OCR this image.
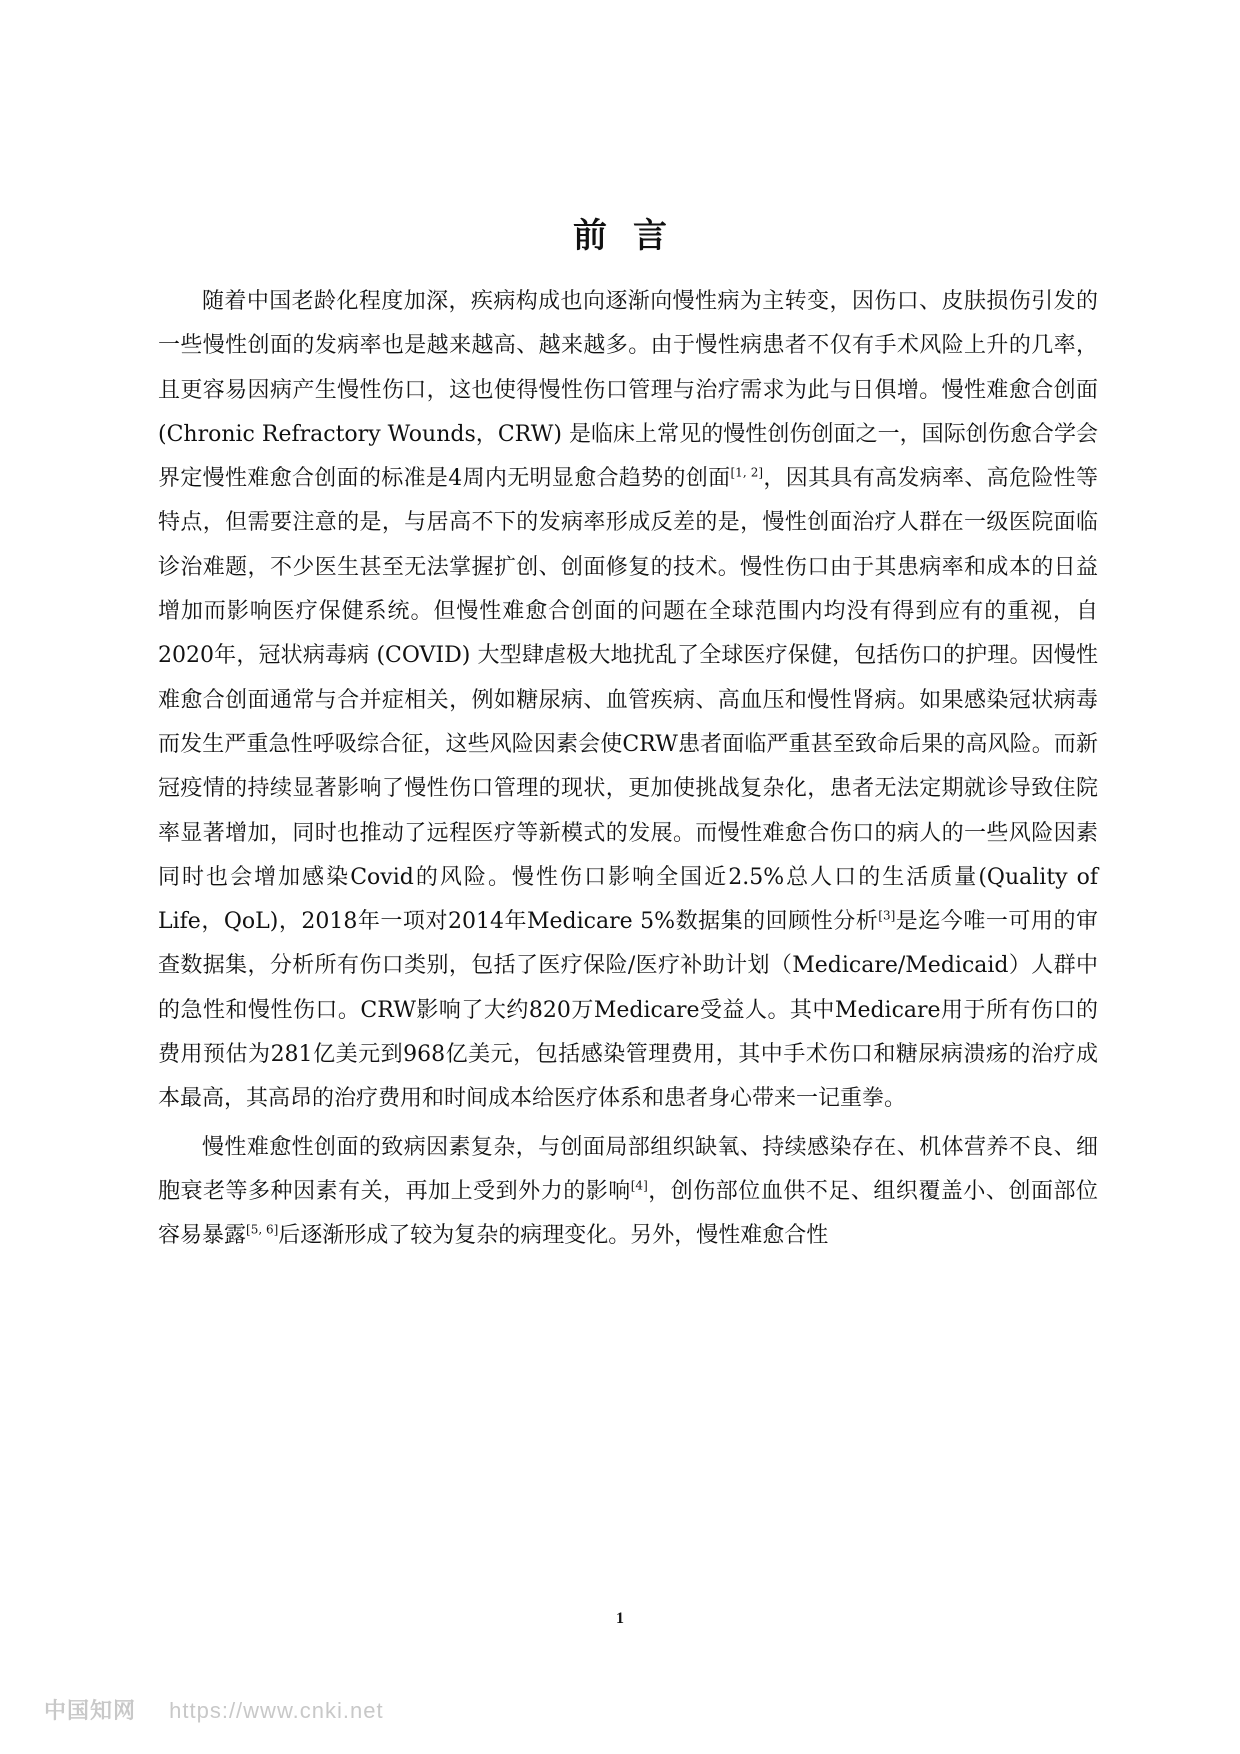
前言

随着中国老龄化程度加深，疾病构成也向逐渐向慢性病为主转变，因伤口、皮肤损伤引发的一些慢性创面的发病率也是越来越高、越来越多。由于慢性病患者不仅有手术风险上升的几率，且更容易因病产生慢性伤口，这也使得慢性伤口管理与治疗需求为此与日俱增。慢性难愈合创面(Chronic Refractory Wounds，CRW) 是临床上常见的慢性创伤创面之一，国际创伤愈合学会界定慢性难愈合创面的标准是4周内无明显愈合趋势的创面[1, 2]，因其具有高发病率、高危险性等特点，但需要注意的是，与居高不下的发病率形成反差的是，慢性创面治疗人群在一级医院面临诊治难题，不少医生甚至无法掌握扩创、创面修复的技术。慢性伤口由于其患病率和成本的日益增加而影响医疗保健系统。但慢性难愈合创面的问题在全球范围内均没有得到应有的重视，自2020年，冠状病毒病 (COVID) 大型肆虐极大地扰乱了全球医疗保健，包括伤口的护理。因慢性难愈合创面通常与合并症相关，例如糖尿病、血管疾病、高血压和慢性肾病。如果感染冠状病毒而发生严重急性呼吸综合征，这些风险因素会使CRW患者面临严重甚至致命后果的高风险。而新冠疫情的持续显著影响了慢性伤口管理的现状，更加使挑战复杂化，患者无法定期就诊导致住院率显著增加，同时也推动了远程医疗等新模式的发展。而慢性难愈合伤口的病人的一些风险因素同时也会增加感染Covid的风险。慢性伤口影响全国近2.5%总人口的生活质量(Quality of Life，QoL)，2018年一项对2014年Medicare 5%数据集的回顾性分析[3]是迄今唯一可用的审查数据集，分析所有伤口类别，包括了医疗保险/医疗补助计划（Medicare/Medicaid）人群中的急性和慢性伤口。CRW影响了大约820万Medicare受益人。其中Medicare用于所有伤口的费用预估为281亿美元到968亿美元，包括感染管理费用，其中手术伤口和糖尿病溃疡的治疗成本最高，其高昂的治疗费用和时间成本给医疗体系和患者身心带来一记重拳。

慢性难愈性创面的致病因素复杂，与创面局部组织缺氧、持续感染存在、机体营养不良、细胞衰老等多种因素有关，再加上受到外力的影响[4]，创伤部位血供不足、组织覆盖小、创面部位容易暴露[5, 6]后逐渐形成了较为复杂的病理变化。另外，慢性难愈合性

1
中国知网 https://www.cnki.net
